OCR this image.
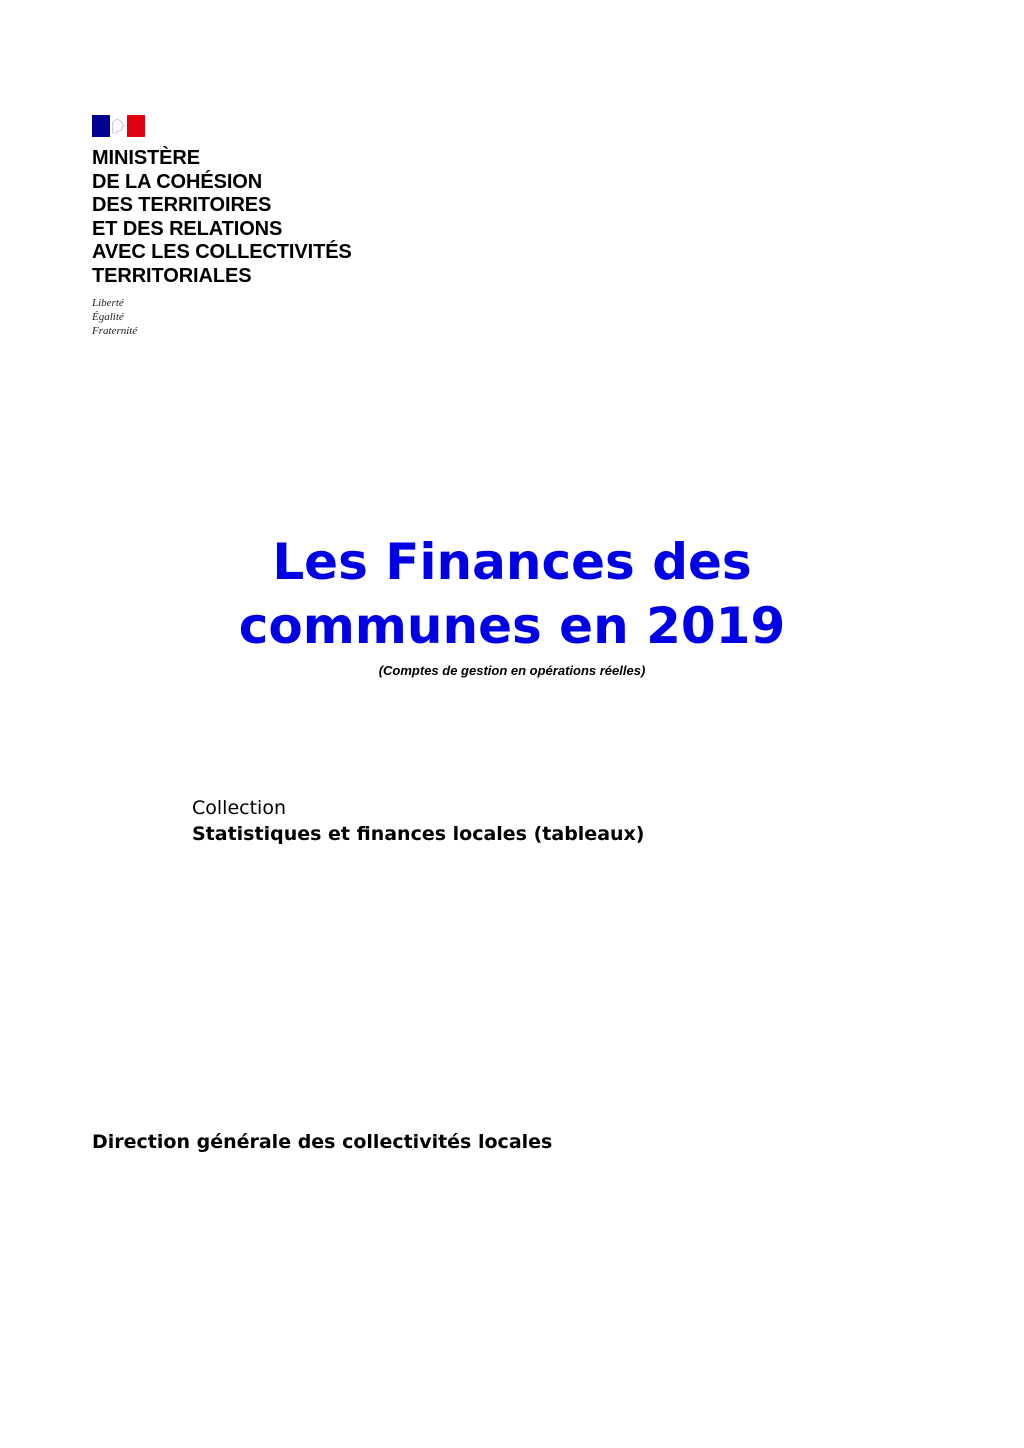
MINISTÈRE

DE LA COHÉSION

DES TERRITOIRES

ET DES RELATIONS

AVEC LES COLLECTIVITÉS

TERRITORIALES

Liberté
Égalité
Fraternité
Les Finances des
communes en 2019
(Comptes de gestion en opérations réelles)
Collection
Statistiques et finances locales (tableaux)
Direction générale des collectivités locales
